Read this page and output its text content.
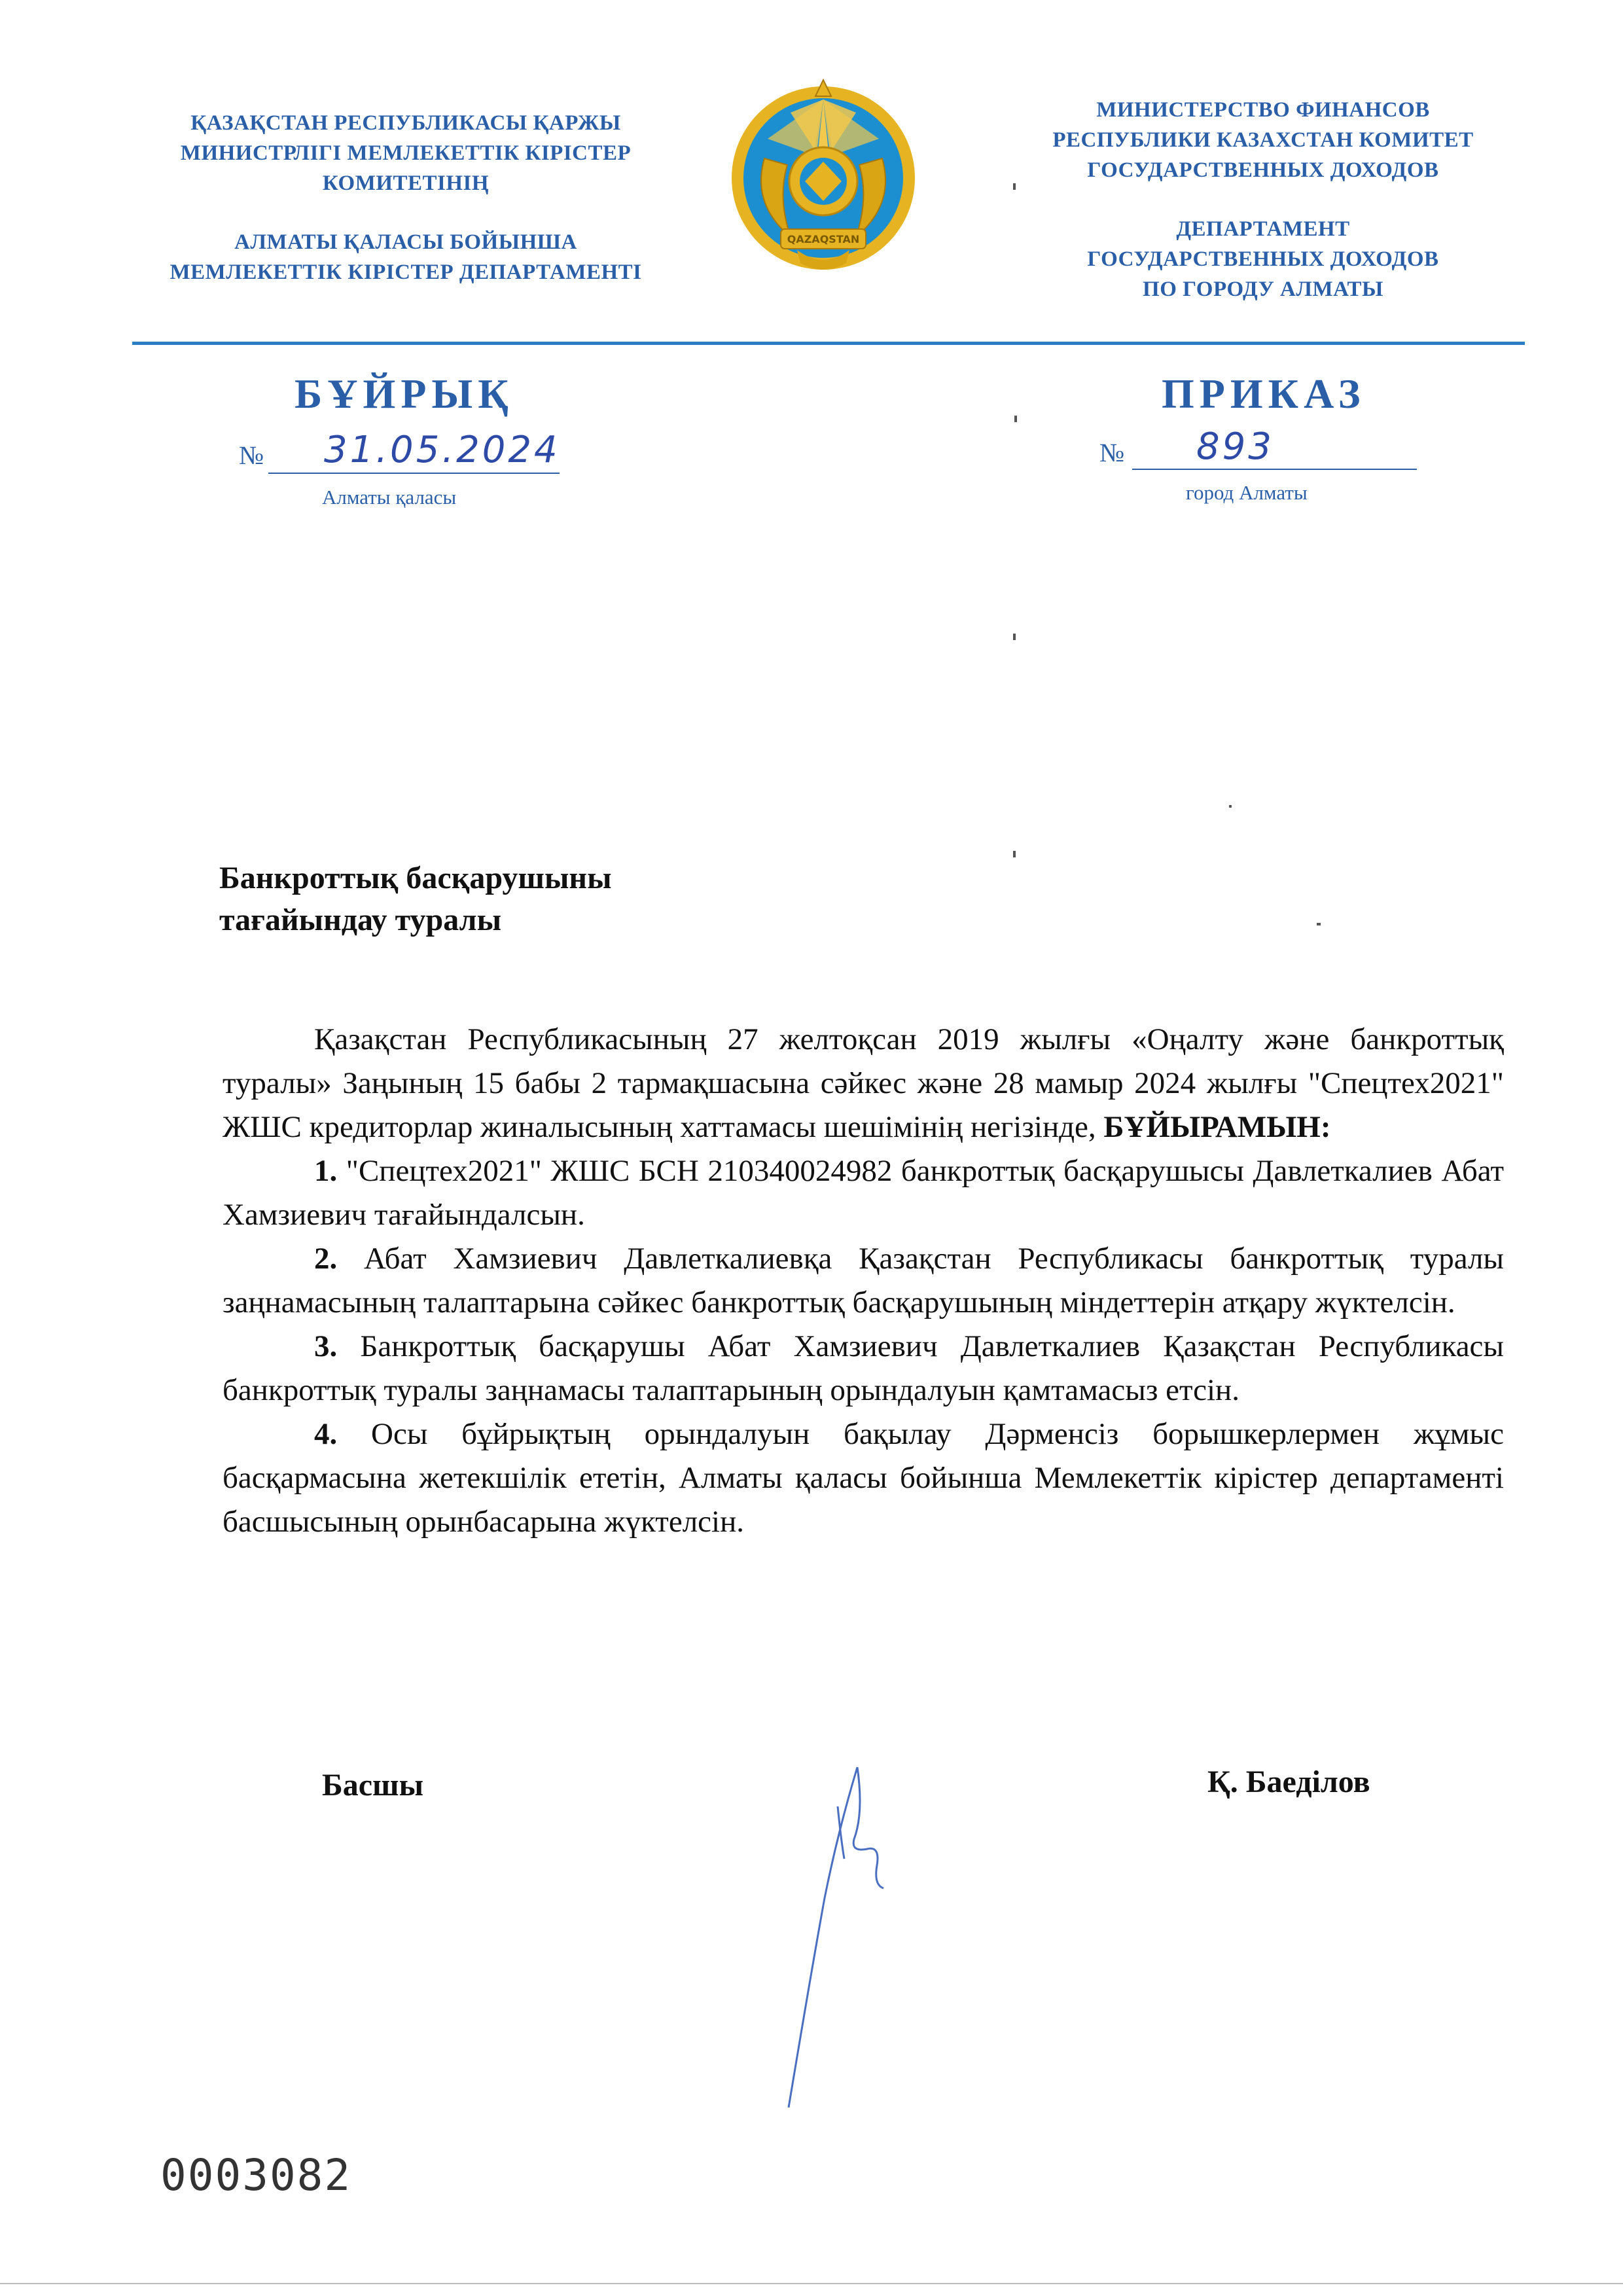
ҚАЗАҚСТАН РЕСПУБЛИКАСЫ ҚАРЖЫ
МИНИСТРЛІГІ МЕМЛЕКЕТТІК КІРІСТЕР
КОМИТЕТІНІҢ
АЛМАТЫ ҚАЛАСЫ БОЙЫНША
МЕМЛЕКЕТТІК КІРІСТЕР ДЕПАРТАМЕНТІ
QAZAQSTAN
МИНИСТЕРСТВО ФИНАНСОВ
РЕСПУБЛИКИ КАЗАХСТАН КОМИТЕТ
ГОСУДАРСТВЕННЫХ ДОХОДОВ
ДЕПАРТАМЕНТ
ГОСУДАРСТВЕННЫХ ДОХОДОВ
ПО ГОРОДУ АЛМАТЫ
БҰЙРЫҚ	ПРИКАЗ
№ 31.05.2024
Алматы қаласы
№ 893
город Алматы
Банкроттық басқарушыны
тағайындау туралы

Қазақстан Республикасының 27 желтоқсан 2019 жылғы «Оңалту және банкроттық туралы» Заңының 15 бабы 2 тармақшасына сәйкес және 28 мамыр 2024 жылғы "Спецтех2021" ЖШС кредиторлар жиналысының хаттамасы шешімінің негізінде, БҰЙЫРАМЫН:

1. "Спецтех2021" ЖШС БСН 210340024982 банкроттық басқарушысы Давлеткалиев Абат Хамзиевич тағайындалсын.

2. Абат Хамзиевич Давлеткалиевқа Қазақстан Республикасы банкроттық туралы заңнамасының талаптарына сәйкес банкроттық басқарушының міндеттерін атқару жүктелсін.

3. Банкроттық басқарушы Абат Хамзиевич Давлеткалиев Қазақстан Республикасы банкроттық туралы заңнамасы талаптарының орындалуын қамтамасыз етсін.

4. Осы бұйрықтың орындалуын бақылау Дәрменсіз борышкерлермен жұмыс басқармасына жетекшілік ететін, Алматы қаласы бойынша Мемлекеттік кірістер департаменті басшысының орынбасарына жүктелсін.

Басшы	Қ. Баеділов
0003082
